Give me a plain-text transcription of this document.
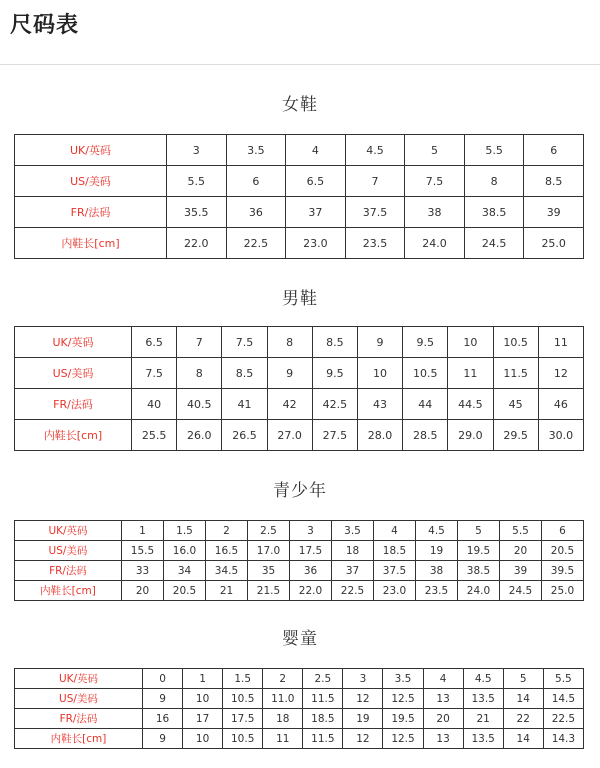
尺码表
女鞋
UK/英码	3	3.5	4	4.5	5	5.5	6
US/美码	5.5	6	6.5	7	7.5	8	8.5
FR/法码	35.5	36	37	37.5	38	38.5	39
内鞋长[cm]	22.0	22.5	23.0	23.5	24.0	24.5	25.0
男鞋
UK/英码	6.5	7	7.5	8	8.5	9	9.5	10	10.5	11
US/美码	7.5	8	8.5	9	9.5	10	10.5	11	11.5	12
FR/法码	40	40.5	41	42	42.5	43	44	44.5	45	46
内鞋长[cm]	25.5	26.0	26.5	27.0	27.5	28.0	28.5	29.0	29.5	30.0
青少年
UK/英码	1	1.5	2	2.5	3	3.5	4	4.5	5	5.5	6
US/美码	15.5	16.0	16.5	17.0	17.5	18	18.5	19	19.5	20	20.5
FR/法码	33	34	34.5	35	36	37	37.5	38	38.5	39	39.5
内鞋长[cm]	20	20.5	21	21.5	22.0	22.5	23.0	23.5	24.0	24.5	25.0
婴童
UK/英码	0	1	1.5	2	2.5	3	3.5	4	4.5	5	5.5
US/美码	9	10	10.5	11.0	11.5	12	12.5	13	13.5	14	14.5
FR/法码	16	17	17.5	18	18.5	19	19.5	20	21	22	22.5
内鞋长[cm]	9	10	10.5	11	11.5	12	12.5	13	13.5	14	14.3
